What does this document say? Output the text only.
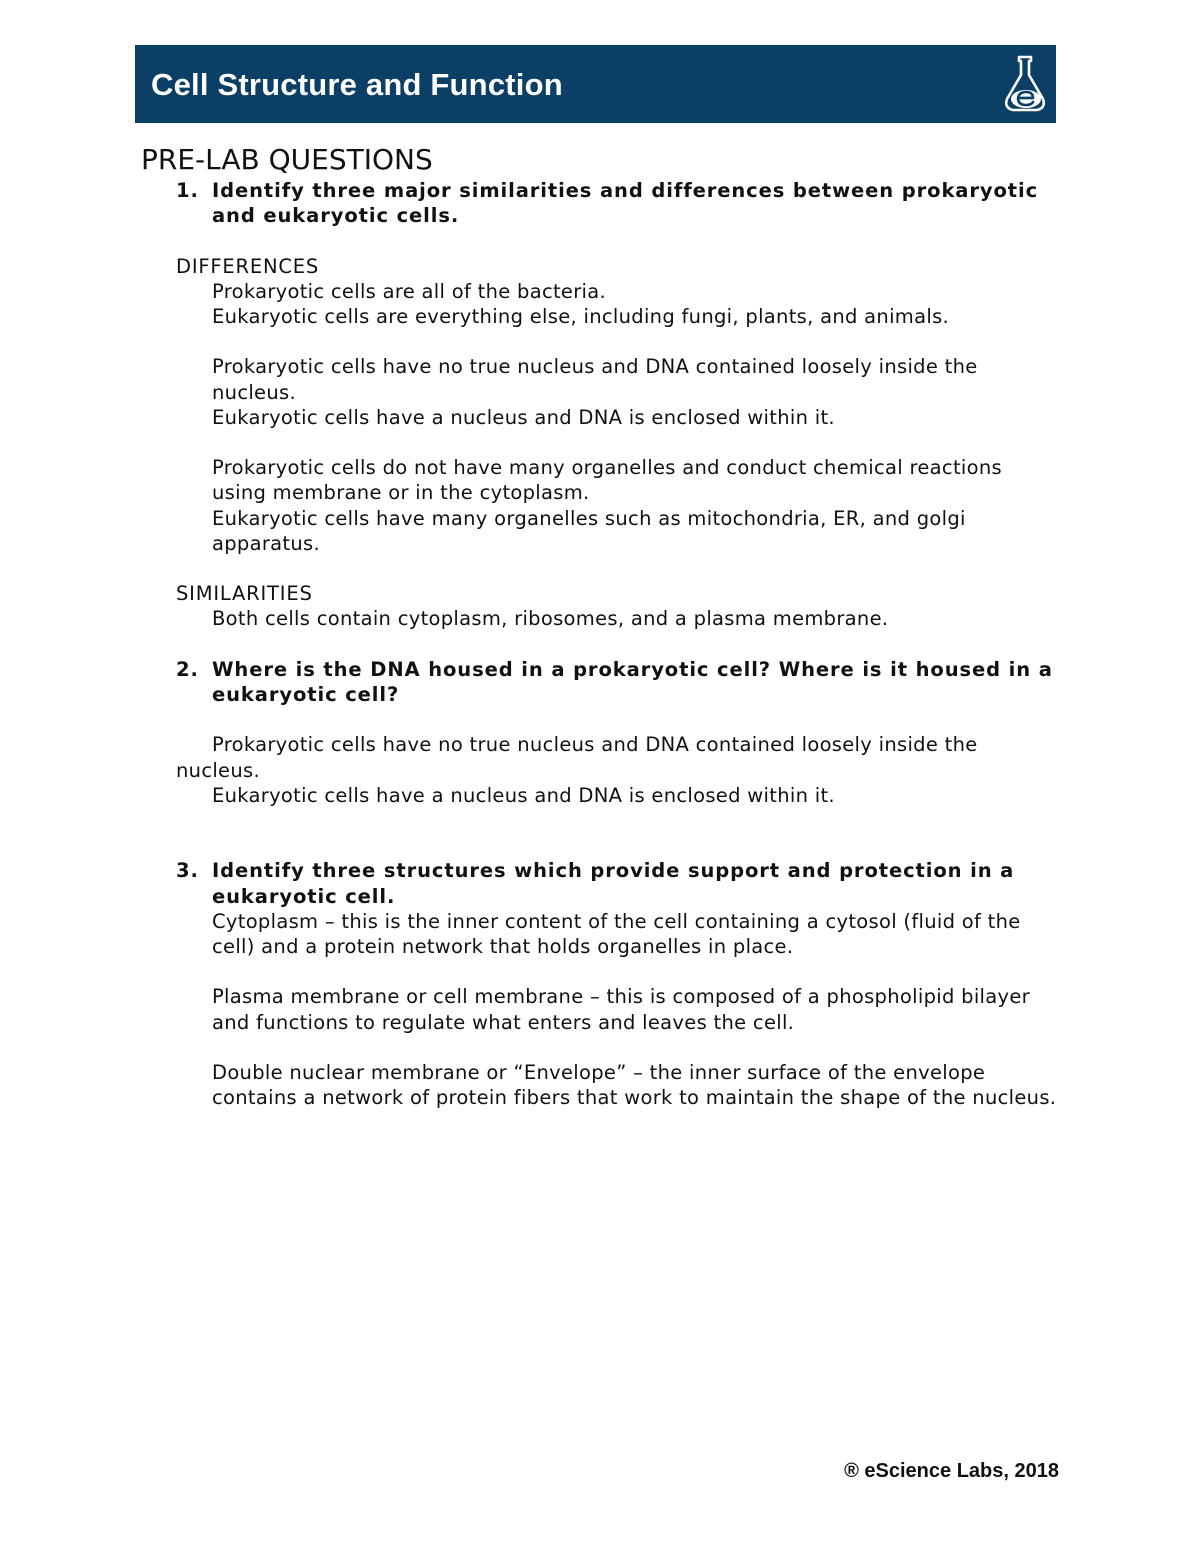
Cell Structure and Function
PRE-LAB QUESTIONS
1. Identify three major similarities and differences between prokaryotic and eukaryotic cells.
DIFFERENCES
Prokaryotic cells are all of the bacteria.
Eukaryotic cells are everything else, including fungi, plants, and animals.
Prokaryotic cells have no true nucleus and DNA contained loosely inside the nucleus.
Eukaryotic cells have a nucleus and DNA is enclosed within it.
Prokaryotic cells do not have many organelles and conduct chemical reactions using membrane or in the cytoplasm.
Eukaryotic cells have many organelles such as mitochondria, ER, and golgi apparatus.
SIMILARITIES
Both cells contain cytoplasm, ribosomes, and a plasma membrane.
2. Where is the DNA housed in a prokaryotic cell? Where is it housed in a eukaryotic cell?
Prokaryotic cells have no true nucleus and DNA contained loosely inside the nucleus.
Eukaryotic cells have a nucleus and DNA is enclosed within it.
3. Identify three structures which provide support and protection in a eukaryotic cell.
Cytoplasm – this is the inner content of the cell containing a cytosol (fluid of the cell) and a protein network that holds organelles in place.
Plasma membrane or cell membrane – this is composed of a phospholipid bilayer and functions to regulate what enters and leaves the cell.
Double nuclear membrane or “Envelope” – the inner surface of the envelope contains a network of protein fibers that work to maintain the shape of the nucleus.
® eScience Labs, 2018
